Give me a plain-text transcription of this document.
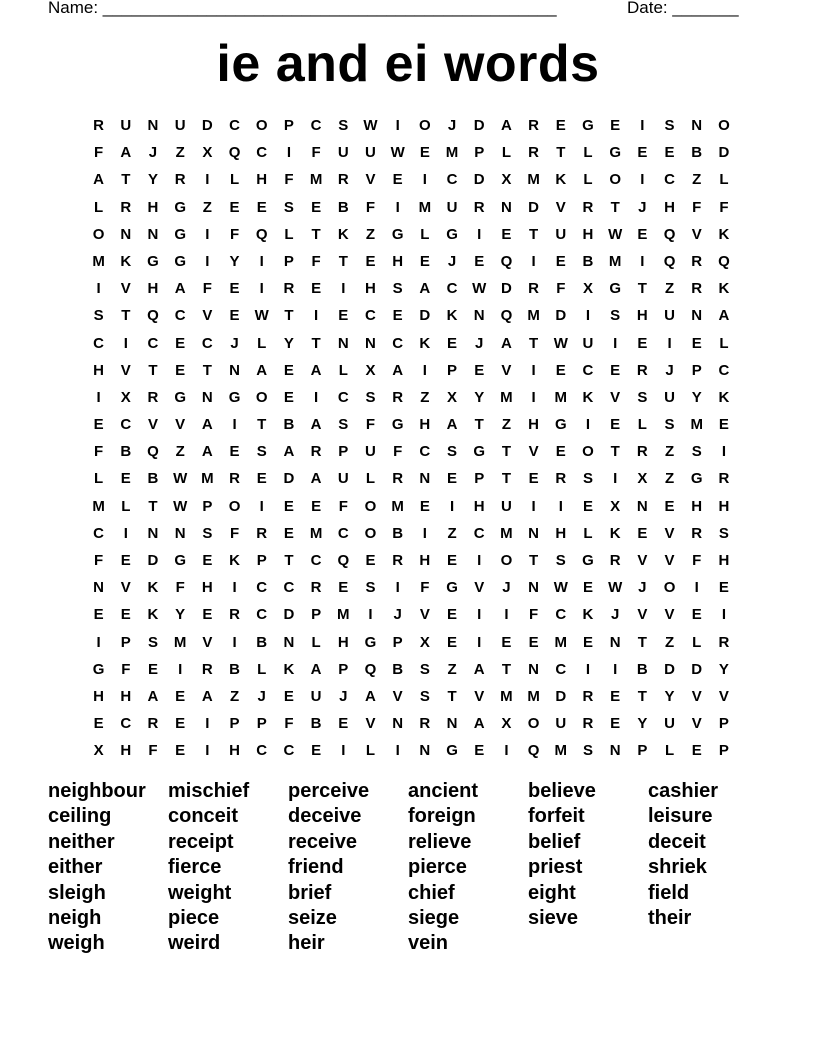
Name: ________________________________________________	Date: _______
ie and ei words
R U N U D C O P C S W I O J D A R E G E I S N O
F A J Z X Q C I F U U W E M P L R T L G E E B D
A T Y R I L H F M R V E I C D X M K L O I C Z L
L R H G Z E E S E B F I M U R N D V R T J H F F
O N N G I F Q L T K Z G L G I E T U H W E Q V K
M K G G I Y I P F T E H E J E Q I E B M I Q R Q
I V H A F E I R E I H S A C W D R F X G T Z R K
S T Q C V E W T I E C E D K N Q M D I S H U N A
C I C E C J L Y T N N C K E J A T W U I E I E L
H V T E T N A E A L X A I P E V I E C E R J P C
I X R G N G O E I C S R Z X Y M I M K V S U Y K
E C V V A I T B A S F G H A T Z H G I E L S M E
F B Q Z A E S A R P U F C S G T V E O T R Z S I
L E B W M R E D A U L R N E P T E R S I X Z G R
M L T W P O I E E F O M E I H U I I E X N E H H
C I N N S F R E M C O B I Z C M N H L K E V R S
F E D G E K P T C Q E R H E I O T S G R V V F H
N V K F H I C C R E S I F G V J N W E W J O I E
E E K Y E R C D P M I J V E I I F C K J V V E I
I P S M V I B N L H G P X E I E E M E N T Z L R
G F E I R B L K A P Q B S Z A T N C I I B D D Y
H H A E A Z J E U J A V S T V M M D R E T Y V V
E C R E I P P F B E V N R N A X O U R E Y U V P
X H F E I H C C E I L I N G E I Q M S N P L E P
neighbour
ceiling
neither
either
sleigh
neigh
weigh
mischief
conceit
receipt
fierce
weight
piece
weird
perceive
deceive
receive
friend
brief
seize
heir
ancient
foreign
relieve
pierce
chief
siege
vein
believe
forfeit
belief
priest
eight
sieve
cashier
leisure
deceit
shriek
field
their
